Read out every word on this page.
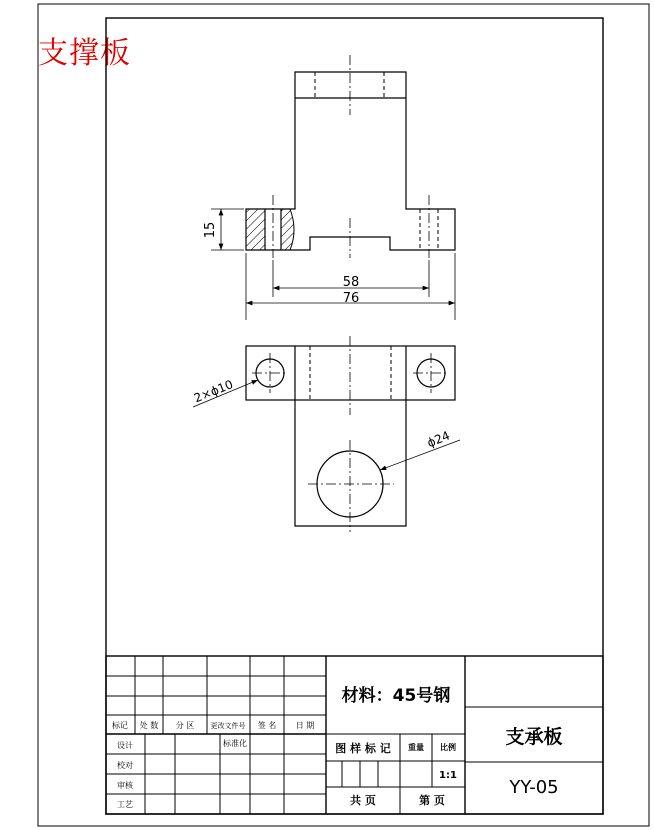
支撑板
15
58
76
2×ϕ10
ϕ24
标记 处 数 分 区 更改文件号 签 名 日 期
设计
校对
审核
工艺
标准化
材料：45号钢
图 样 标 记 重量 比例
1:1
共 页	第 页
支承板
YY-05
